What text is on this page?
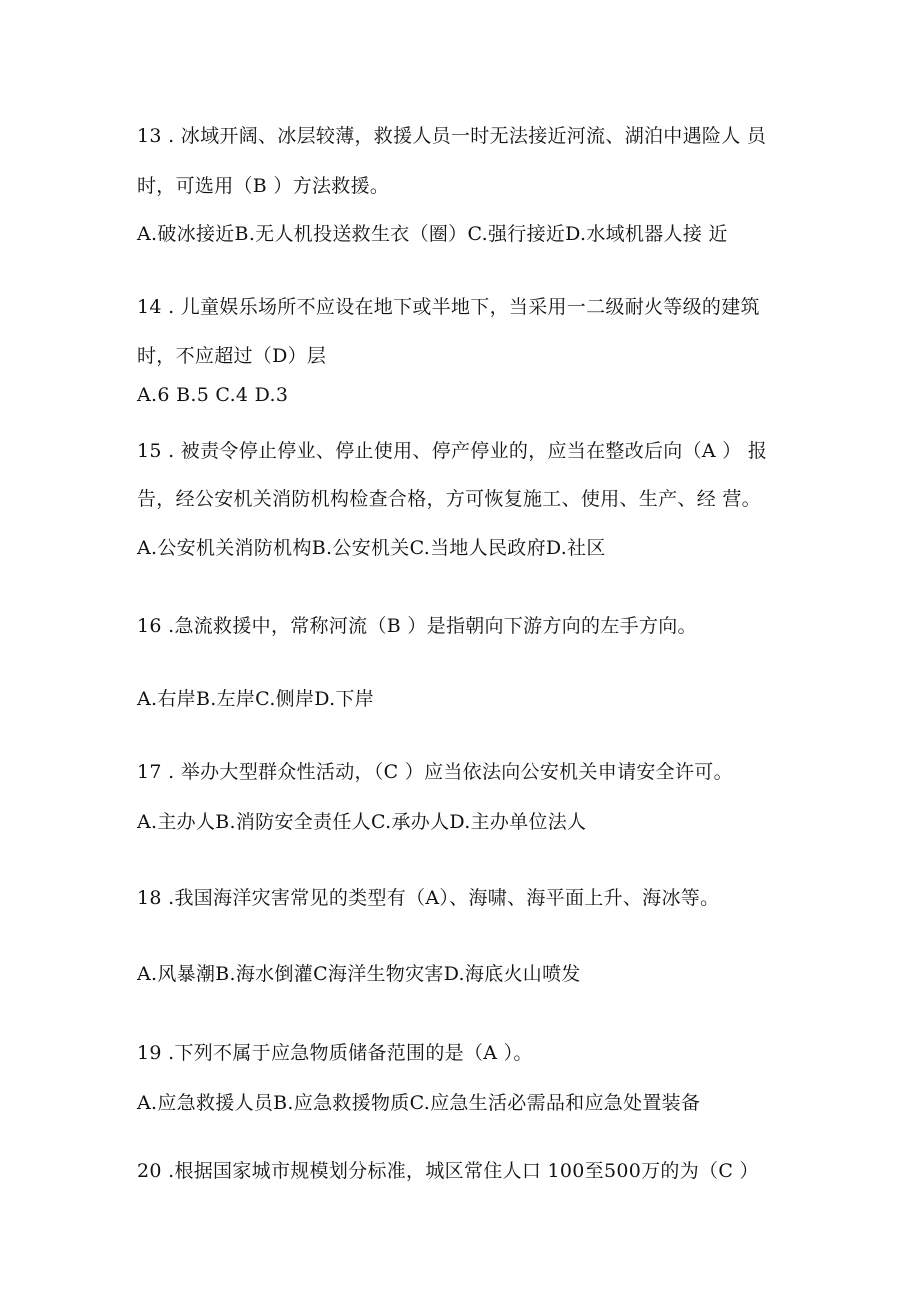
13 . 冰域开阔、冰层较薄，救援人员一时无法接近河流、湖泊中遇险人 员
时，可选用（B ）方法救援。
A.破冰接近B.无人机投送救生衣（圈）C.强行接近D.水域机器人接 近
14 . 儿童娱乐场所不应设在地下或半地下，当采用一二级耐火等级的建筑
时，不应超过（D）层
A.6 B.5 C.4 D.3
15 . 被责令停止停业、停止使用、停产停业的，应当在整改后向（A ） 报
告，经公安机关消防机构检查合格，方可恢复施工、使用、生产、经 营。
A.公安机关消防机构B.公安机关C.当地人民政府D.社区
16 .急流救援中，常称河流（B ）是指朝向下游方向的左手方向。
A.右岸B.左岸C.侧岸D.下岸
17 . 举办大型群众性活动，（C ）应当依法向公安机关申请安全许可。
A.主办人B.消防安全责任人C.承办人D.主办单位法人
18 .我国海洋灾害常见的类型有（A）、海啸、海平面上升、海冰等。
A.风暴潮B.海水倒灌C海洋生物灾害D.海底火山喷发
19 .下列不属于应急物质储备范围的是（A ）。
A.应急救援人员B.应急救援物质C.应急生活必需品和应急处置装备
20 .根据国家城市规模划分标准，城区常住人口 100至500万的为（C ）
